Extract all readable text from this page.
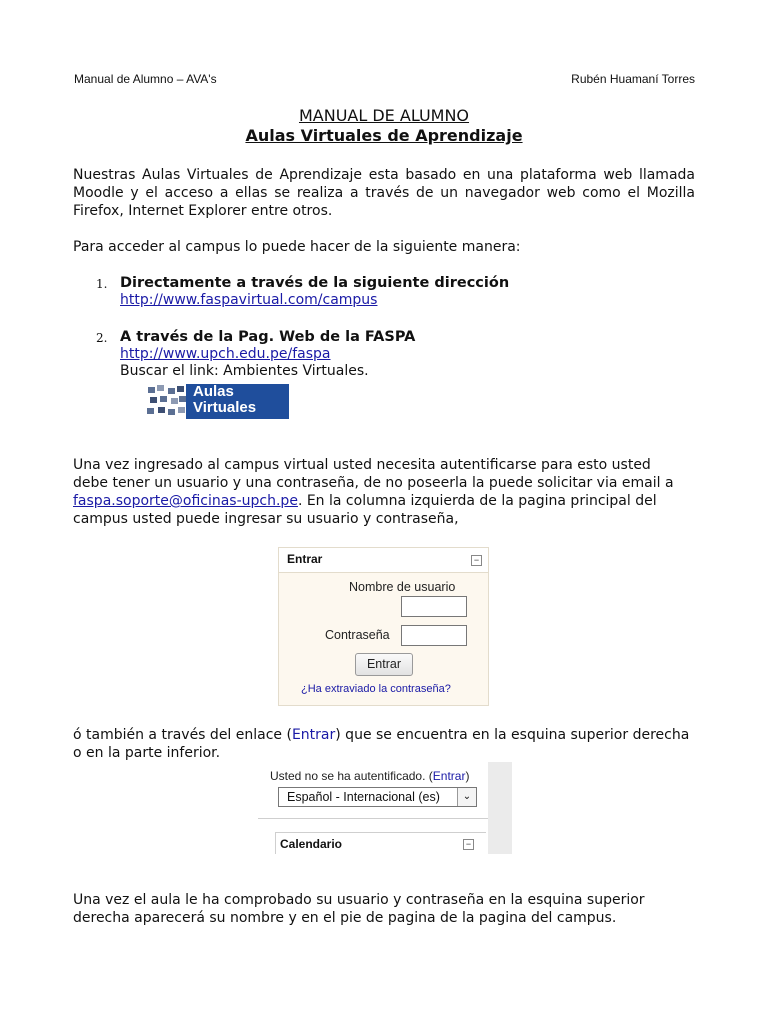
Manual de Alumno – AVA's	Rubén Huamaní Torres
MANUAL DE ALUMNO
Aulas Virtuales de Aprendizaje
Nuestras Aulas Virtuales de Aprendizaje esta basado en una plataforma web llamada Moodle y el acceso a ellas se realiza a través de un navegador web como el Mozilla Firefox, Internet Explorer entre otros.
Para acceder al campus lo puede hacer de la siguiente manera:
1. Directamente a través de la siguiente dirección
http://www.faspavirtual.com/campus
2. A través de la Pag. Web de la FASPA
http://www.upch.edu.pe/faspa
Buscar el link: Ambientes Virtuales.
Aulas
Virtuales
Una vez ingresado al campus virtual usted necesita autentificarse para esto usted debe tener un usuario y una contraseña, de no poseerla la puede solicitar via email a faspa.soporte@oficinas-upch.pe. En la columna izquierda de la pagina principal del campus usted puede ingresar su usuario y contraseña,
Entrar	−
Nombre de usuario
Contraseña
Entrar
¿Ha extraviado la contraseña?
ó también a través del enlace (Entrar) que se encuentra en la esquina superior derecha o en la parte inferior.
Usted no se ha autentificado. (Entrar)
Español - Internacional (es)	⌄
Calendario	−
Una vez el aula le ha comprobado su usuario y contraseña en la esquina superior derecha aparecerá su nombre y en el pie de pagina de la pagina del campus.
